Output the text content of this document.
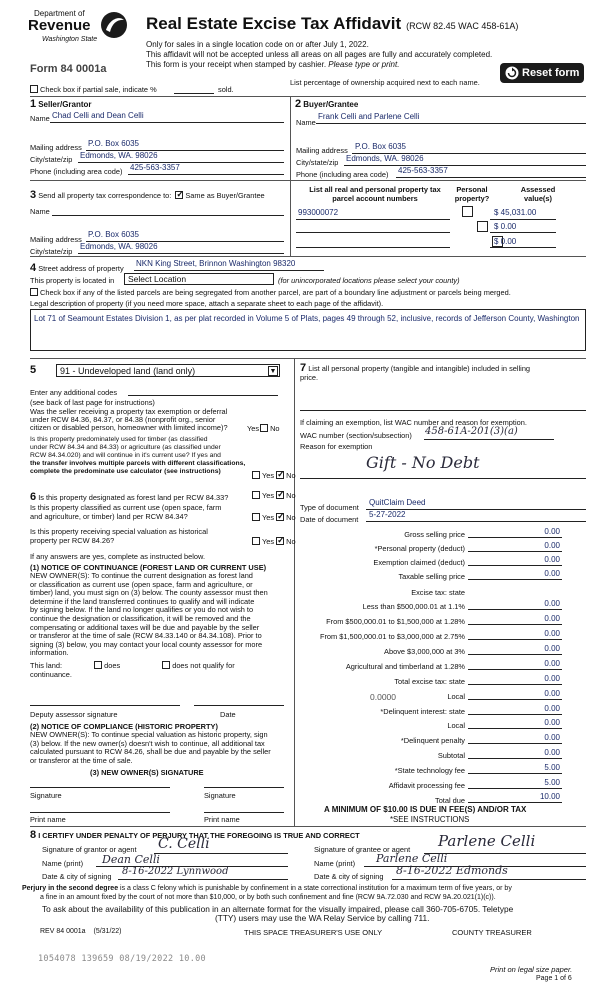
Department of
Revenue
Washington State
Form 84 0001a
Real Estate Excise Tax Affidavit (RCW 82.45 WAC 458-61A)
Only for sales in a single location code on or after July 1, 2022.
This affidavit will not be accepted unless all areas on all pages are fully and accurately completed.
This form is your receipt when stamped by cashier. Please type or print.
Reset form
Check box if partial sale, indicate %	sold.
List percentage of ownership acquired next to each name.
1 Seller/Grantor
Name Chad Celli and Dean Celli
Mailing address P.O. Box 6035
City/state/zip Edmonds, WA. 98026
Phone (including area code) 425-563-3357
2 Buyer/Grantee
Name
Frank Celli and Parlene Celli
Mailing address P.O. Box 6035
City/state/zip Edmonds, WA. 98026
Phone (including area code) 425-563-3357
3 Send all property tax correspondence to: ✓ Same as Buyer/Grantee
Name
Mailing address
P.O. Box 6035
City/state/zip
Edmonds, WA. 98026
List all real and personal property tax
parcel account numbers
Personal
property?
Assessed
value(s)
993000072
	$ 45,031.00

$ 0.00
$ 0.00
4 Street address of property
NKN King Street, Brinnon Washington 98320
This property is located in	Select Location	(for unincorporated locations please select your county)
Check box if any of the listed parcels are being segregated from another parcel, are part of a boundary line adjustment or parcels being merged.
Legal description of property (if you need more space, attach a separate sheet to each page of the affidavit).
Lot 71 of Seamount Estates Division 1, as per plat recorded in Volume 5 of Plats, pages 49 through 52, inclusive, records of Jefferson County, Washington
5	91 - Undeveloped land (land only)	▼
Enter any additional codes
(see back of last page for instructions)
Was the seller receiving a property tax exemption or deferral
under RCW 84.36, 84.37, or 84.38 (nonprofit org., senior
citizen or disabled person, homeowner with limited income)?	Yes No
Is this property predominately used for timber (as classified
under RCW 84.34 and 84.33) or agriculture (as classified under
RCW 84.34.020) and will continue in it's current use? If yes and
the transfer involves multiple parcels with different classifications,
complete the predominate use calculator (see instructions)	Yes ✓ No
6 Is this property designated as forest land per RCW 84.33?	Yes ✓ No
Is this property classified as current use (open space, farm
and agriculture, or timber) land per RCW 84.34?	Yes ✓ No
Is this property receiving special valuation as historical
property per RCW 84.26?	Yes ✓ No
If any answers are yes, complete as instructed below.
(1) NOTICE OF CONTINUANCE (FOREST LAND OR CURRENT USE)
NEW OWNER(S): To continue the current designation as forest land
or classification as current use (open space, farm and agriculture, or
timber) land, you must sign on (3) below. The county assessor must then
determine if the land transferred continues to qualify and will indicate
by signing below. If the land no longer qualifies or you do not wish to
continue the designation or classification, it will be removed and the
compensating or additional taxes will be due and payable by the seller
or transferor at the time of sale (RCW 84.33.140 or 84.34.108). Prior to
signing (3) below, you may contact your local county assessor for more
information.
This land:	does	does not qualify for
continuance.
Deputy assessor signature	Date
(2) NOTICE OF COMPLIANCE (HISTORIC PROPERTY)
NEW OWNER(S): To continue special valuation as historic property, sign
(3) below. If the new owner(s) doesn't wish to continue, all additional tax
calculated pursuant to RCW 84.26, shall be due and payable by the seller
or transferor at the time of sale.
(3) NEW OWNER(S) SIGNATURE
Signature	Signature
Print name	Print name
7 List all personal property (tangible and intangible) included in selling
price.
If claiming an exemption, list WAC number and reason for exemption.
WAC number (section/subsection) 458-61A-201(3)(a)
Reason for exemption
Gift - No Debt
Type of document
QuitClaim Deed
Date of document
5-27-2022
Gross selling price	0.00
*Personal property (deduct)	0.00
Exemption claimed (deduct)	0.00
Taxable selling price	0.00
Excise tax: state
Less than $500,000.01 at 1.1%	0.00
From $500,000.01 to $1,500,000 at 1.28%	0.00
From $1,500,000.01 to $3,000,000 at 2.75%	0.00
Above $3,000,000 at 3%	0.00
Agricultural and timberland at 1.28%	0.00
Total excise tax: state	0.00
0.0000	Local	0.00
*Delinquent interest: state	0.00
Local	0.00
*Delinquent penalty	0.00
Subtotal	0.00
*State technology fee	5.00
Affidavit processing fee	5.00
Total due	10.00
A MINIMUM OF $10.00 IS DUE IN FEE(S) AND/OR TAX
*SEE INSTRUCTIONS
8 I CERTIFY UNDER PENALTY OF PERJURY THAT THE FOREGOING IS TRUE AND CORRECT
Signature of grantor or agent C. Celli
Name (print) Dean Celli
Date & city of signing 8-16-2022 Lynnwood
Signature of grantee or agent Parlene Celli
Name (print) Parlene Celli
Date & city of signing 8-16-2022 Edmonds
Perjury in the second degree is a class C felony which is punishable by confinement in a state correctional institution for a maximum term of five years, or by
a fine in an amount fixed by the court of not more than $10,000, or by both such confinement and fine (RCW 9A.72.030 and RCW 9A.20.021(1)(c)).
To ask about the availability of this publication in an alternate format for the visually impaired, please call 360-705-6705. Teletype
(TTY) users may use the WA Relay Service by calling 711.
REV 84 0001a (5/31/22)	THIS SPACE TREASURER'S USE ONLY	COUNTY TREASURER
1054078 139659 08/19/2022 10.00
Print on legal size paper.
Page 1 of 6
